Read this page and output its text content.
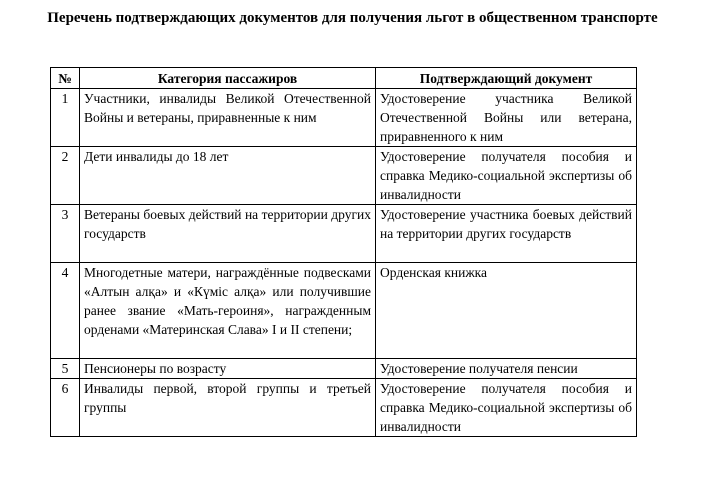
Перечень подтверждающих документов для получения льгот в общественном транспорте
№	Категория пассажиров	Подтверждающий документ
1	Участники, инвалиды Великой Отечественной Войны и ветераны, приравненные к ним	Удостоверение участника Великой Отечественной Войны или ветерана, приравненного к ним
2	Дети инвалиды до 18 лет	Удостоверение получателя пособия и справка Медико-социальной экспертизы об инвалидности
3	Ветераны боевых действий на территории других государств	Удостоверение участника боевых действий на территории других государств
4	Многодетные матери, награждённые подвесками «Алтын алқа» и «Күміс алқа» или получившие ранее звание «Мать-героиня», награжденным орденами «Материнская Слава» I и II степени;	Орденская книжка
5	Пенсионеры по возрасту	Удостоверение получателя пенсии
6	Инвалиды первой, второй группы и третьей группы	Удостоверение получателя пособия и справка Медико-социальной экспертизы об инвалидности
